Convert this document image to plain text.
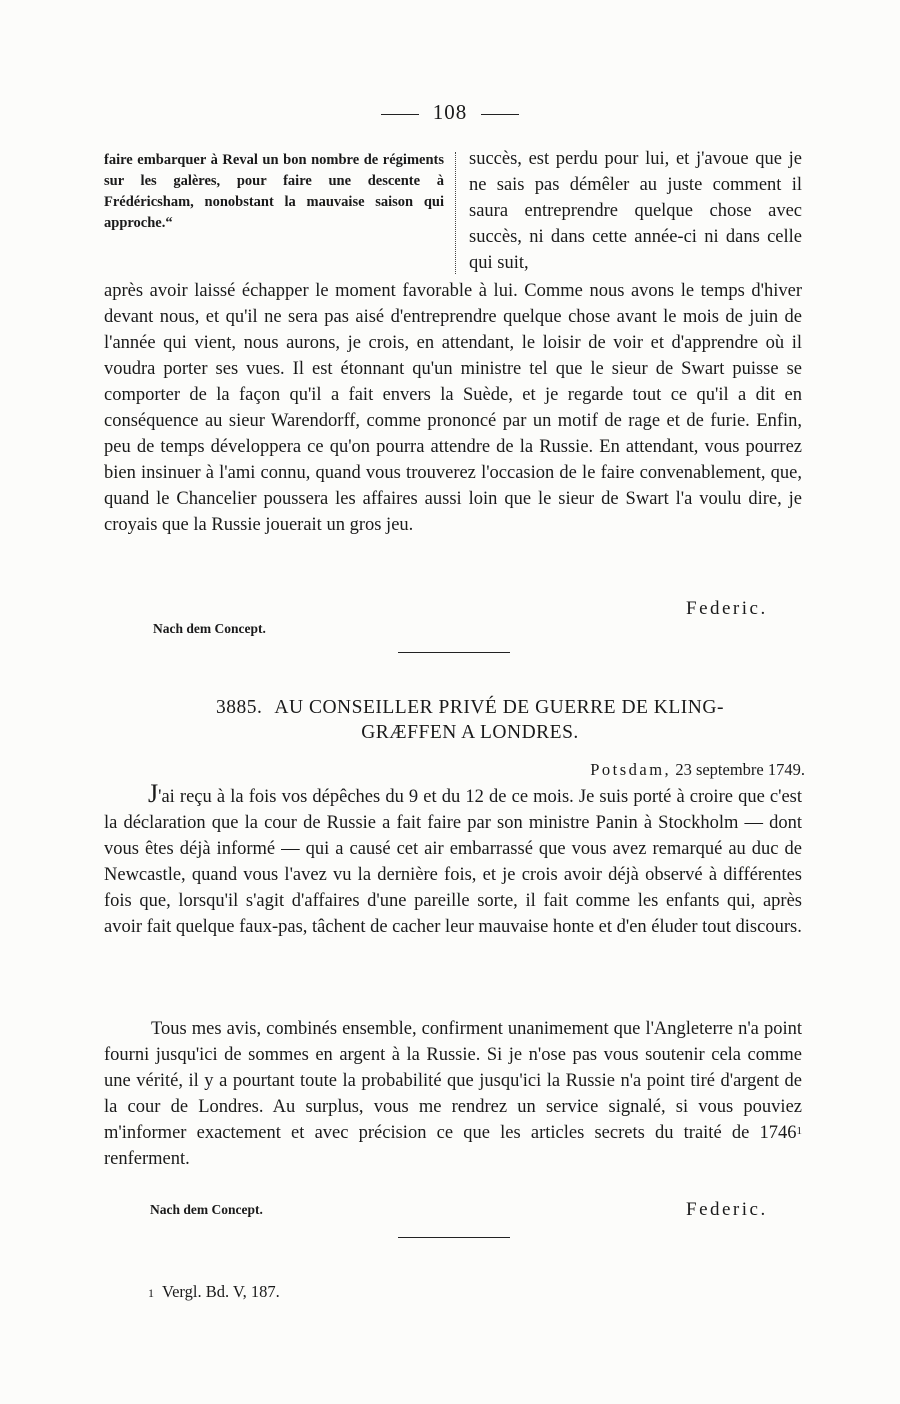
108
faire embarquer à Reval un bon nombre de régiments sur les galères, pour faire une descente à Frédéricsham, nonobstant la mauvaise saison qui approche.“
succès, est perdu pour lui, et j'avoue que je ne sais pas démêler au juste comment il saura entreprendre quelque chose avec succès, ni dans cette année-ci ni dans celle qui suit,

après avoir laissé échapper le moment favorable à lui. Comme nous avons le temps d'hiver devant nous, et qu'il ne sera pas aisé d'entreprendre quelque chose avant le mois de juin de l'année qui vient, nous aurons, je crois, en attendant, le loisir de voir et d'apprendre où il voudra porter ses vues. Il est étonnant qu'un ministre tel que le sieur de Swart puisse se comporter de la façon qu'il a fait envers la Suède, et je regarde tout ce qu'il a dit en conséquence au sieur Warendorff, comme prononcé par un motif de rage et de furie. Enfin, peu de temps développera ce qu'on pourra attendre de la Russie. En attendant, vous pourrez bien insinuer à l'ami connu, quand vous trouverez l'occasion de le faire convenablement, que, quand le Chancelier poussera les affaires aussi loin que le sieur de Swart l'a voulu dire, je croyais que la Russie jouerait un gros jeu.

Federic.
Nach dem Concept.
3885. AU CONSEILLER PRIVÉ DE GUERRE DE KLING-
GRÆFFEN A LONDRES.
Potsdam, 23 septembre 1749.

J'ai reçu à la fois vos dépêches du 9 et du 12 de ce mois. Je suis porté à croire que c'est la déclaration que la cour de Russie a fait faire par son ministre Panin à Stockholm — dont vous êtes déjà informé — qui a causé cet air embarrassé que vous avez remarqué au duc de Newcastle, quand vous l'avez vu la dernière fois, et je crois avoir déjà observé à différentes fois que, lorsqu'il s'agit d'affaires d'une pareille sorte, il fait comme les enfants qui, après avoir fait quelque faux-pas, tâchent de cacher leur mauvaise honte et d'en éluder tout discours.

Tous mes avis, combinés ensemble, confirment unanimement que l'Angleterre n'a point fourni jusqu'ici de sommes en argent à la Russie. Si je n'ose pas vous soutenir cela comme une vérité, il y a pourtant toute la probabilité que jusqu'ici la Russie n'a point tiré d'argent de la cour de Londres. Au surplus, vous me rendrez un service signalé, si vous pouviez m'informer exactement et avec précision ce que les articles secrets du traité de 1746$^1$ renferment.

Nach dem Concept.	Federic.
1 Vergl. Bd. V, 187.
